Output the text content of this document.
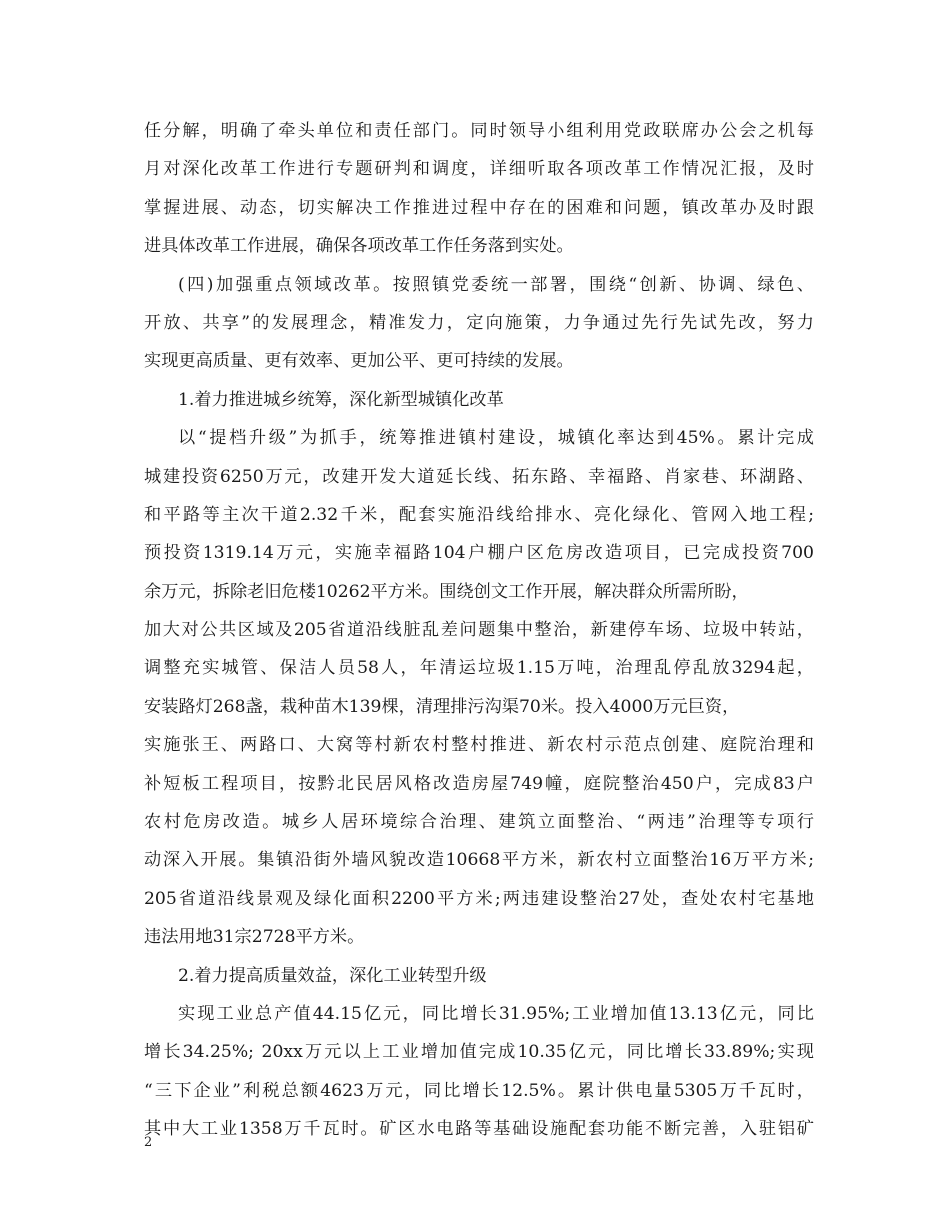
任分解，明确了牵头单位和责任部门。同时领导小组利用党政联席办公会之机每
月对深化改革工作进行专题研判和调度，详细听取各项改革工作情况汇报，及时
掌握进展、动态，切实解决工作推进过程中存在的困难和问题，镇改革办及时跟
进具体改革工作进展，确保各项改革工作任务落到实处。
(四)加强重点领域改革。按照镇党委统一部署，围绕“创新、协调、绿色、
开放、共享”的发展理念，精准发力，定向施策，力争通过先行先试先改，努力
实现更高质量、更有效率、更加公平、更可持续的发展。
1.着力推进城乡统筹，深化新型城镇化改革
以“提档升级”为抓手，统筹推进镇村建设，城镇化率达到45%。累计完成
城建投资6250万元，改建开发大道延长线、拓东路、幸福路、肖家巷、环湖路、
和平路等主次干道2.32千米，配套实施沿线给排水、亮化绿化、管网入地工程;
预投资1319.14万元，实施幸福路104户棚户区危房改造项目，已完成投资700
余万元，拆除老旧危楼10262平方米。围绕创文工作开展，解决群众所需所盼，
加大对公共区域及205省道沿线脏乱差问题集中整治，新建停车场、垃圾中转站，
调整充实城管、保洁人员58人，年清运垃圾1.15万吨，治理乱停乱放3294起，
安装路灯268盏，栽种苗木139棵，清理排污沟渠70米。投入4000万元巨资，
实施张王、两路口、大窝等村新农村整村推进、新农村示范点创建、庭院治理和
补短板工程项目，按黔北民居风格改造房屋749幢，庭院整治450户，完成83户
农村危房改造。城乡人居环境综合治理、建筑立面整治、“两违”治理等专项行
动深入开展。集镇沿街外墙风貌改造10668平方米，新农村立面整治16万平方米;
205省道沿线景观及绿化面积2200平方米;两违建设整治27处，查处农村宅基地
违法用地31宗2728平方米。
2.着力提高质量效益，深化工业转型升级
实现工业总产值44.15亿元，同比增长31.95%;工业增加值13.13亿元，同比
增长34.25%; 20xx万元以上工业增加值完成10.35亿元，同比增长33.89%;实现
“三下企业”利税总额4623万元，同比增长12.5%。累计供电量5305万千瓦时，
其中大工业1358万千瓦时。矿区水电路等基础设施配套功能不断完善，入驻铝矿
2
